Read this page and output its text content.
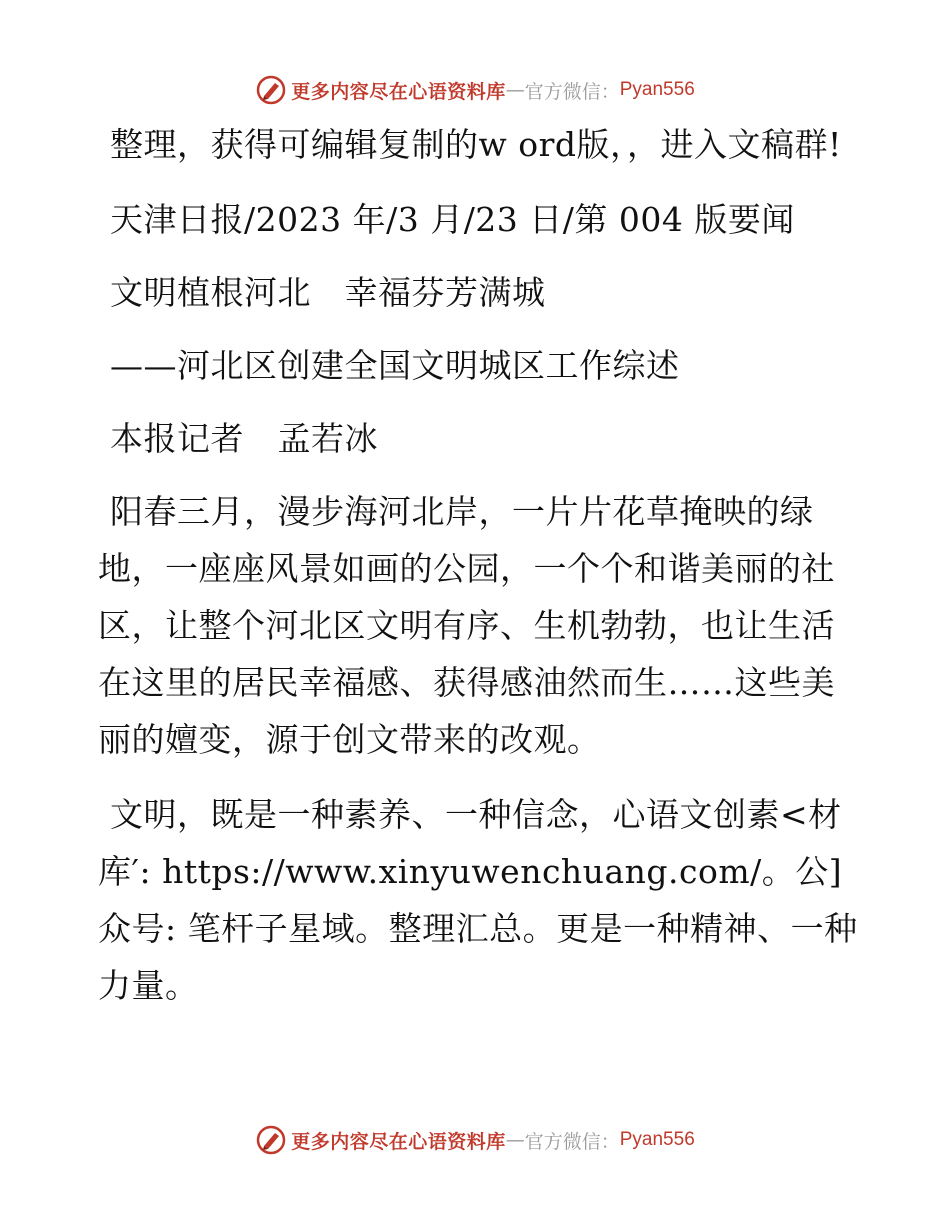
更多内容尽在心语资料库 — 官方微信： Pyan556

整理，获得可编辑复制的w ord版，，进入文稿群!

天津日报/2023 年/3 月/23 日/第 004 版要闻

文明植根河北　幸福芬芳满城

——河北区创建全国文明城区工作综述

本报记者　孟若冰

阳春三月，漫步海河北岸，一片片花草掩映的绿地，一座座风景如画的公园，一个个和谐美丽的社区，让整个河北区文明有序、生机勃勃，也让生活在这里的居民幸福感、获得感油然而生……这些美丽的嬗变，源于创文带来的改观。

文明，既是一种素养、一种信念，心语文创素<材库′: https://www.xinyuwenchuang.com/。公]众号: 笔杆子星域。整理汇总。更是一种精神、一种力量。

更多内容尽在心语资料库 — 官方微信： Pyan556
